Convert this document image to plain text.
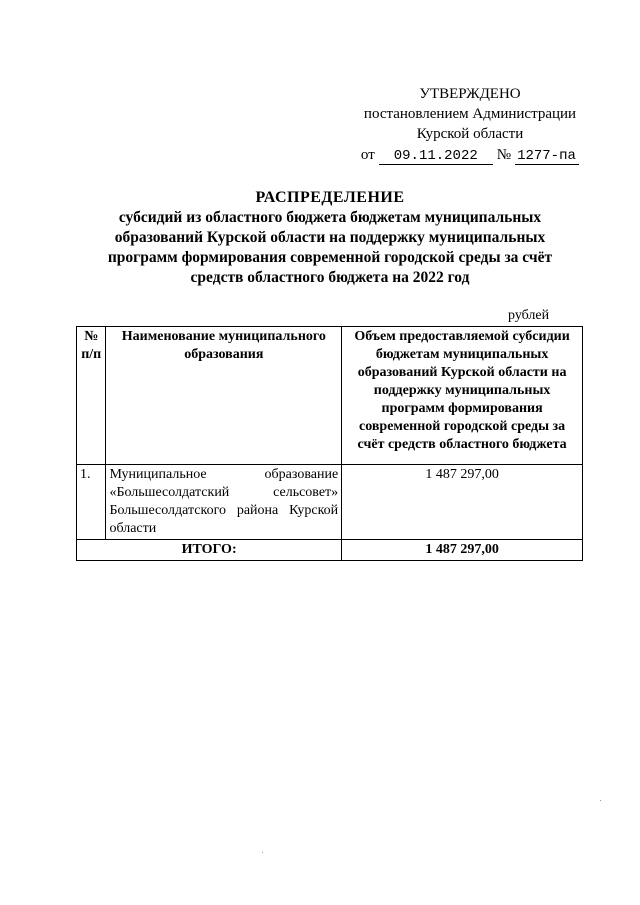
УТВЕРЖДЕНО
постановлением Администрации
Курской области
от	09.11.2022	№ 1277-па
РАСПРЕДЕЛЕНИЕ
субсидий из областного бюджета бюджетам муниципальных
образований Курской области на поддержку муниципальных
программ формирования современной городской среды за счёт
средств областного бюджета на 2022 год
рублей
№ п/п	Наименование муниципального образования	Объем предоставляемой субсидии бюджетам муниципальных образований Курской области на поддержку муниципальных программ формирования современной городской среды за счёт средств областного бюджета
1.	Муниципальное образование «Большесолдатский сельсовет» Большесолдатского района Курской области	1 487 297,00
ИТОГО:		1 487 297,00
